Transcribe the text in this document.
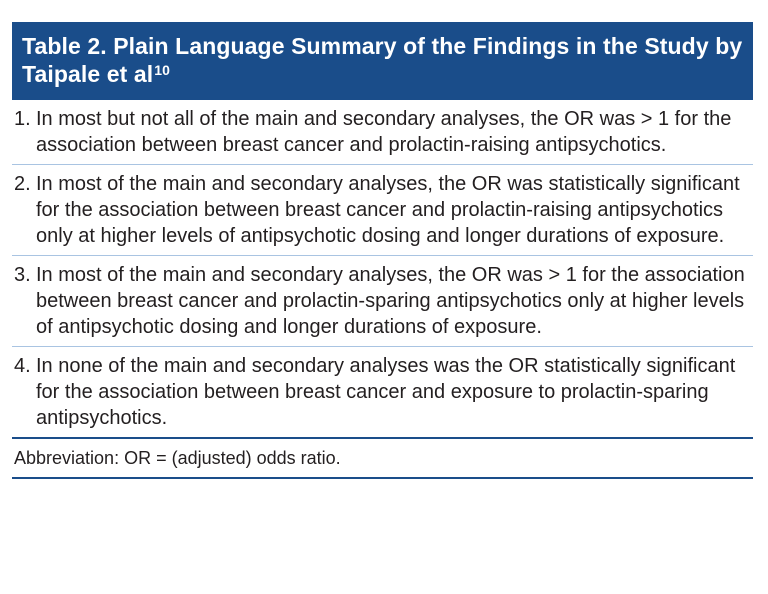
Table 2. Plain Language Summary of the Findings in the Study by Taipale et $al^{10}$
1. In most but not all of the main and secondary analyses, the OR was > 1 for the association between breast cancer and prolactin-raising antipsychotics.
2. In most of the main and secondary analyses, the OR was statistically significant for the association between breast cancer and prolactin-raising antipsychotics only at higher levels of antipsychotic dosing and longer durations of exposure.
3. In most of the main and secondary analyses, the OR was > 1 for the association between breast cancer and prolactin-sparing antipsychotics only at higher levels of antipsychotic dosing and longer durations of exposure.
4. In none of the main and secondary analyses was the OR statistically significant for the association between breast cancer and exposure to prolactin-sparing antipsychotics.
Abbreviation: OR = (adjusted) odds ratio.
